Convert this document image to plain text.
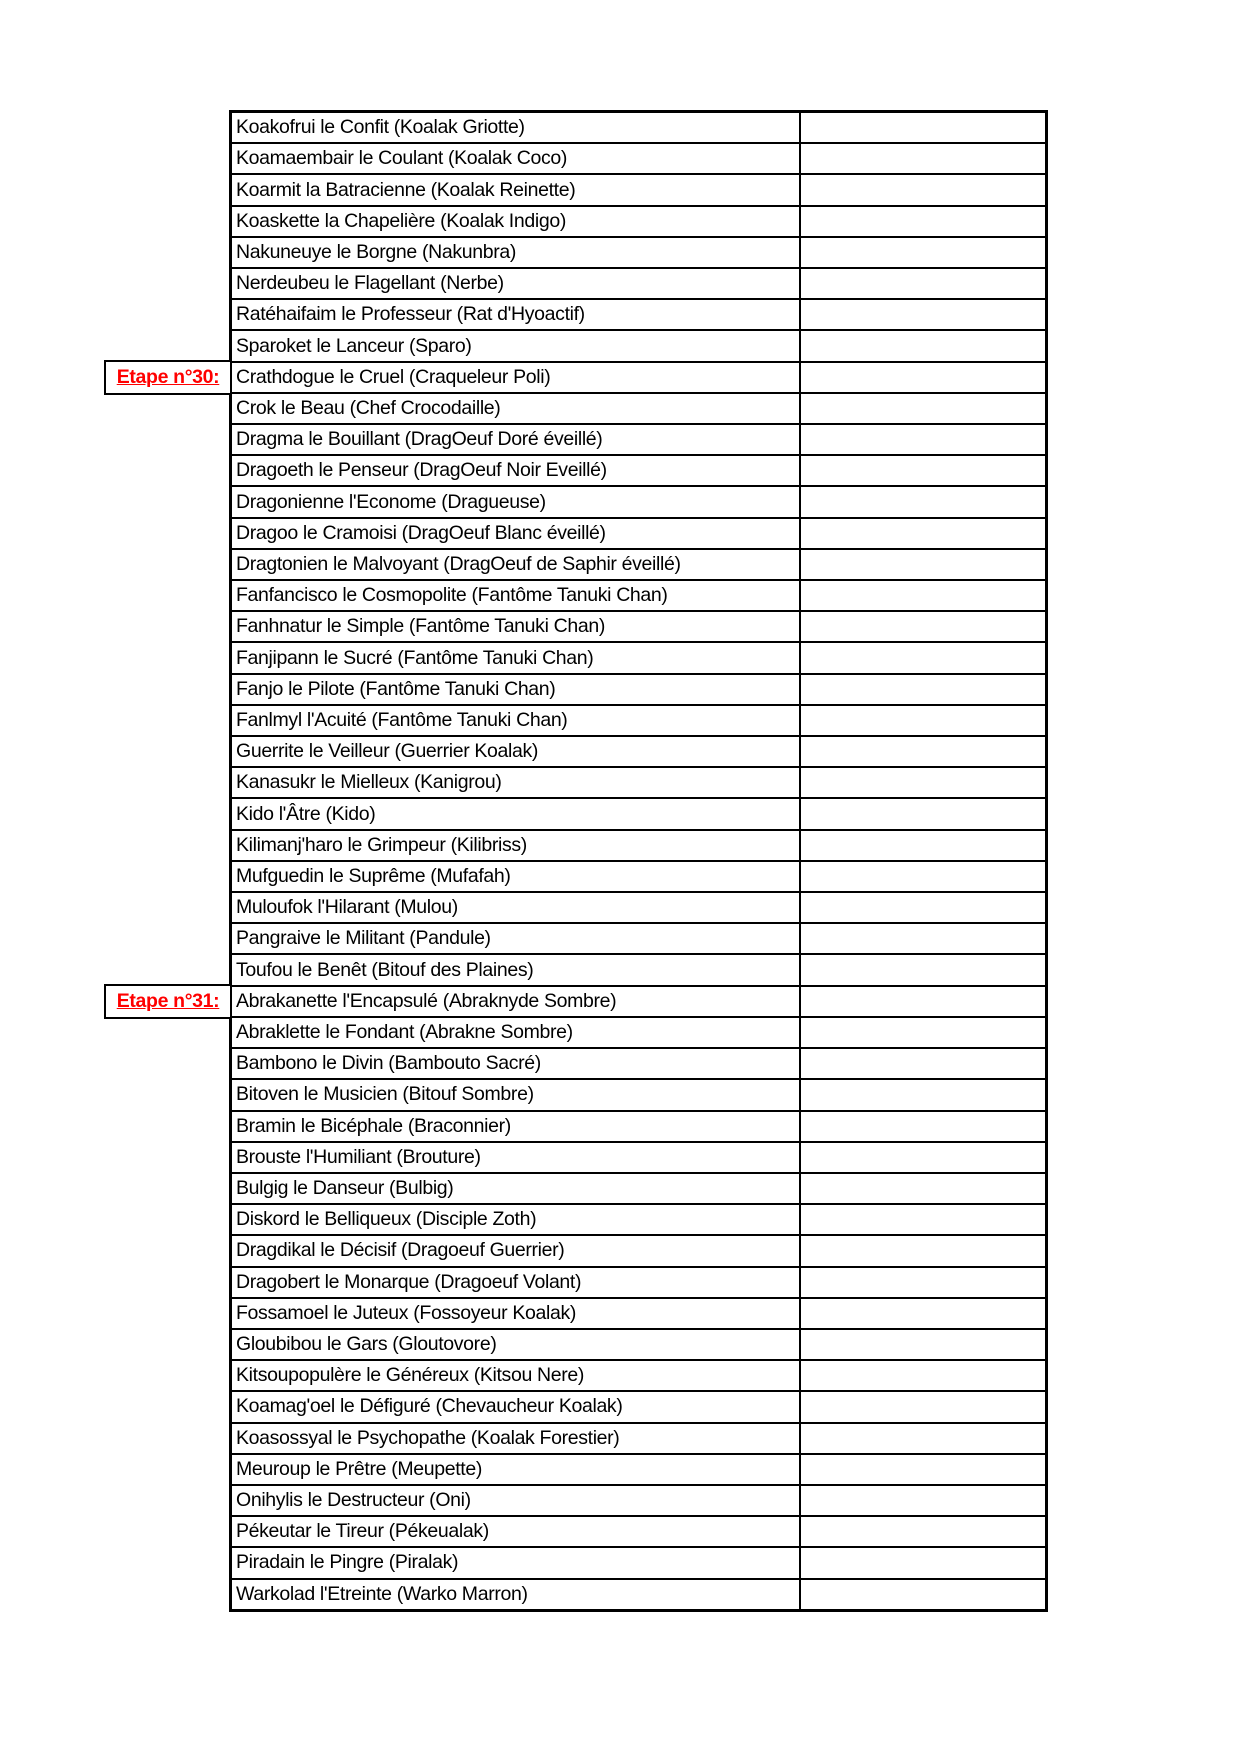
Koakofrui le Confit (Koalak Griotte)
Koamaembair le Coulant (Koalak Coco)
Koarmit la Batracienne (Koalak Reinette)
Koaskette la Chapelière (Koalak Indigo)
Nakuneuye le Borgne (Nakunbra)
Nerdeubeu le Flagellant (Nerbe)
Ratéhaifaim le Professeur (Rat d'Hyoactif)
Sparoket le Lanceur (Sparo)
Crathdogue le Cruel (Craqueleur Poli)
Crok le Beau (Chef Crocodaille)
Dragma le Bouillant (DragOeuf Doré éveillé)
Dragoeth le Penseur (DragOeuf Noir Eveillé)
Dragonienne l'Econome (Dragueuse)
Dragoo le Cramoisi (DragOeuf Blanc éveillé)
Dragtonien le Malvoyant (DragOeuf de Saphir éveillé)
Fanfancisco le Cosmopolite (Fantôme Tanuki Chan)
Fanhnatur le Simple (Fantôme Tanuki Chan)
Fanjipann le Sucré (Fantôme Tanuki Chan)
Fanjo le Pilote (Fantôme Tanuki Chan)
Fanlmyl l'Acuité (Fantôme Tanuki Chan)
Guerrite le Veilleur (Guerrier Koalak)
Kanasukr le Mielleux (Kanigrou)
Kido l'Âtre (Kido)
Kilimanj'haro le Grimpeur (Kilibriss)
Mufguedin le Suprême (Mufafah)
Muloufok l'Hilarant (Mulou)
Pangraive le Militant (Pandule)
Toufou le Benêt (Bitouf des Plaines)
Abrakanette l'Encapsulé (Abraknyde Sombre)
Abraklette le Fondant (Abrakne Sombre)
Bambono le Divin (Bambouto Sacré)
Bitoven le Musicien (Bitouf Sombre)
Bramin le Bicéphale (Braconnier)
Brouste l'Humiliant (Brouture)
Bulgig le Danseur (Bulbig)
Diskord le Belliqueux (Disciple Zoth)
Dragdikal le Décisif (Dragoeuf Guerrier)
Dragobert le Monarque (Dragoeuf Volant)
Fossamoel le Juteux (Fossoyeur Koalak)
Gloubibou le Gars (Gloutovore)
Kitsoupopulère le Généreux (Kitsou Nere)
Koamag'oel le Défiguré (Chevaucheur Koalak)
Koasossyal le Psychopathe (Koalak Forestier)
Meuroup le Prêtre (Meupette)
Onihylis le Destructeur (Oni)
Pékeutar le Tireur (Pékeualak)
Piradain le Pingre (Piralak)
Warkolad l'Etreinte (Warko Marron)
Etape n°30:
Etape n°31:
